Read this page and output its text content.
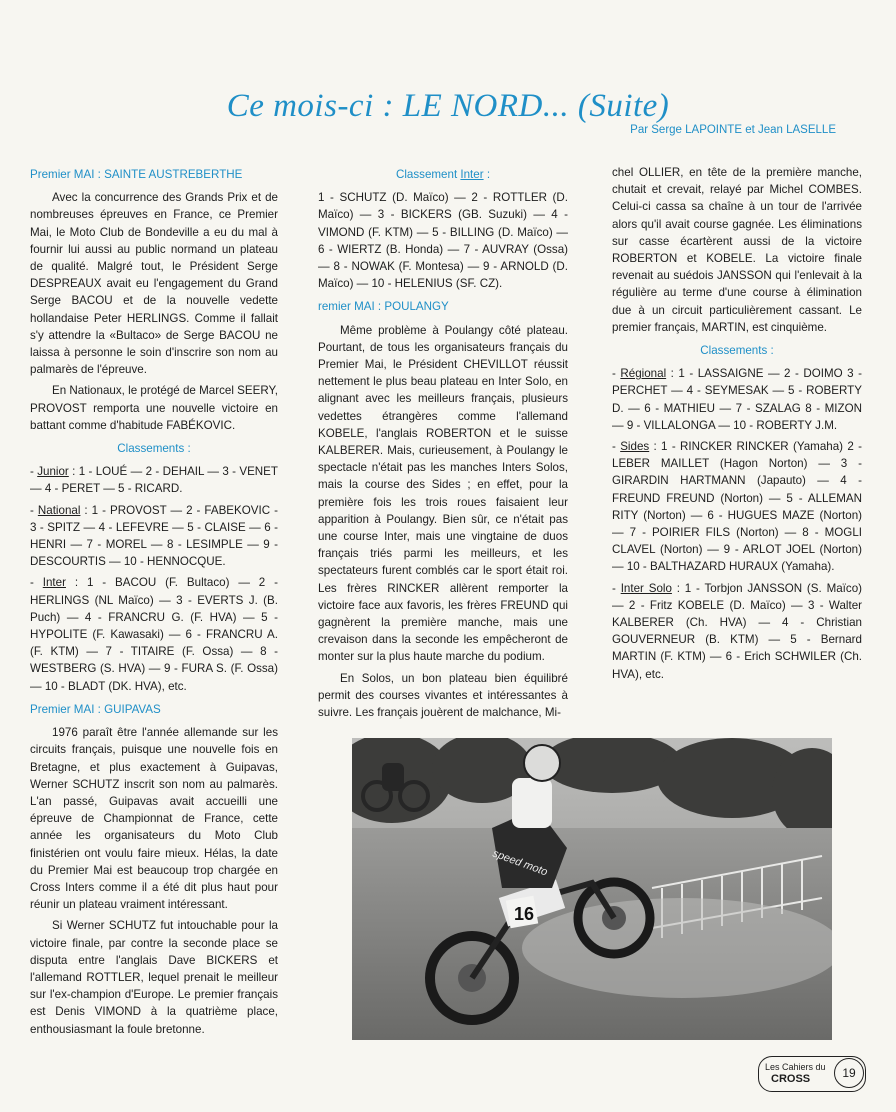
Ce mois-ci : LE NORD... (Suite)
Par Serge LAPOINTE et Jean LASELLE
Premier MAI : SAINTE AUSTREBERTHE

Avec la concurrence des Grands Prix et de nombreuses épreuves en France, ce Premier Mai, le Moto Club de Bondeville a eu du mal à fournir lui aussi au public normand un plateau de qualité. Malgré tout, le Président Serge DESPREAUX avait eu l'engagement du Grand Serge BACOU et de la nouvelle vedette hollandaise Peter HERLINGS. Comme il fallait s'y attendre la «Bultaco» de Serge BACOU ne laissa à personne le soin d'inscrire son nom au palmarès de l'épreuve.

En Nationaux, le protégé de Marcel SEERY, PROVOST remporta une nouvelle victoire en battant comme d'habitude FABÉKOVIC.

Classements :

- Junior : 1 - LOUÉ — 2 - DEHAIL — 3 - VENET — 4 - PERET — 5 - RICARD.

- National : 1 - PROVOST — 2 - FABEKOVIC - 3 - SPITZ — 4 - LEFEVRE — 5 - CLAISE — 6 - HENRI — 7 - MOREL — 8 - LESIMPLE — 9 - DESCOURTIS — 10 - HENNOCQUE.

- Inter : 1 - BACOU (F. Bultaco) — 2 - HERLINGS (NL Maïco) — 3 - EVERTS J. (B. Puch) — 4 - FRANCRU G. (F. HVA) — 5 - HYPOLITE (F. Kawasaki) — 6 - FRANCRU A. (F. KTM) — 7 - TITAIRE (F. Ossa) — 8 - WESTBERG (S. HVA) — 9 - FURA S. (F. Ossa) — 10 - BLADT (DK. HVA), etc.

Premier MAI : GUIPAVAS

1976 paraît être l'année allemande sur les circuits français, puisque une nouvelle fois en Bretagne, et plus exactement à Guipavas, Werner SCHUTZ inscrit son nom au palmarès. L'an passé, Guipavas avait accueilli une épreuve de Championnat de France, cette année les organisateurs du Moto Club finistérien ont voulu faire mieux. Hélas, la date du Premier Mai est beaucoup trop chargée en Cross Inters comme il a été dit plus haut pour réunir un plateau vraiment intéressant.

Si Werner SCHUTZ fut intouchable pour la victoire finale, par contre la seconde place se disputa entre l'anglais Dave BICKERS et l'allemand ROTTLER, lequel prenait le meilleur sur l'ex-champion d'Europe. Le premier français est Denis VIMOND à la quatrième place, enthousiasmant la foule bretonne.

Classement Inter :

1 - SCHUTZ (D. Maïco) — 2 - ROTTLER (D. Maïco) — 3 - BICKERS (GB. Suzuki) — 4 - VIMOND (F. KTM) — 5 - BILLING (D. Maïco) — 6 - WIERTZ (B. Honda) — 7 - AUVRAY (Ossa) — 8 - NOWAK (F. Montesa) — 9 - ARNOLD (D. Maïco) — 10 - HELENIUS (SF. CZ).

remier MAI : POULANGY

Même problème à Poulangy côté plateau. Pourtant, de tous les organisateurs français du Premier Mai, le Président CHEVILLOT réussit nettement le plus beau plateau en Inter Solo, en alignant avec les meilleurs français, plusieurs vedettes étrangères comme l'allemand KOBELE, l'anglais ROBERTON et le suisse KALBERER. Mais, curieusement, à Poulangy le spectacle n'était pas les manches Inters Solos, mais la course des Sides ; en effet, pour la première fois les trois roues faisaient leur apparition à Poulangy. Bien sûr, ce n'était pas une course Inter, mais une vingtaine de duos français triés parmi les meilleurs, et les spectateurs furent comblés car le sport était roi. Les frères RINCKER allèrent remporter la victoire face aux favoris, les frères FREUND qui gagnèrent la première manche, mais une crevaison dans la seconde les empêcheront de monter sur la plus haute marche du podium.

En Solos, un bon plateau bien équilibré permit des courses vivantes et intéressantes à suivre. Les français jouèrent de malchance, Mi-

chel OLLIER, en tête de la première manche, chutait et crevait, relayé par Michel COMBES. Celui-ci cassa sa chaîne à un tour de l'arrivée alors qu'il avait course gagnée. Les éliminations sur casse écartèrent aussi de la victoire ROBERTON et KOBELE. La victoire finale revenait au suédois JANSSON qui l'enlevait à la régulière au terme d'une course à élimination due à un circuit particulièrement cassant. Le premier français, MARTIN, est cinquième.

Classements :

- Régional : 1 - LASSAIGNE — 2 - DOIMO 3 - PERCHET — 4 - SEYMESAK — 5 - ROBERTY D. — 6 - MATHIEU — 7 - SZALAG 8 - MIZON — 9 - VILLALONGA — 10 - ROBERTY J.M.

- Sides : 1 - RINCKER RINCKER (Yamaha) 2 - LEBER MAILLET (Hagon Norton) — 3 - GIRARDIN HARTMANN (Japauto) — 4 - FREUND FREUND (Norton) — 5 - ALLEMAN RITY (Norton) — 6 - HUGUES MAZE (Norton) — 7 - POIRIER FILS (Norton) — 8 - MOGLI CLAVEL (Norton) — 9 - ARLOT JOEL (Norton) — 10 - BALTHAZARD HURAUX (Yamaha).

- Inter Solo : 1 - Torbjon JANSSON (S. Maïco) — 2 - Fritz KOBELE (D. Maïco) — 3 - Walter KALBERER (Ch. HVA) — 4 - Christian GOUVERNEUR (B. KTM) — 5 - Bernard MARTIN (F. KTM) — 6 - Erich SCHWILER (Ch. HVA), etc.

16
speed moto
Les Cahiers du
CROSS	19
